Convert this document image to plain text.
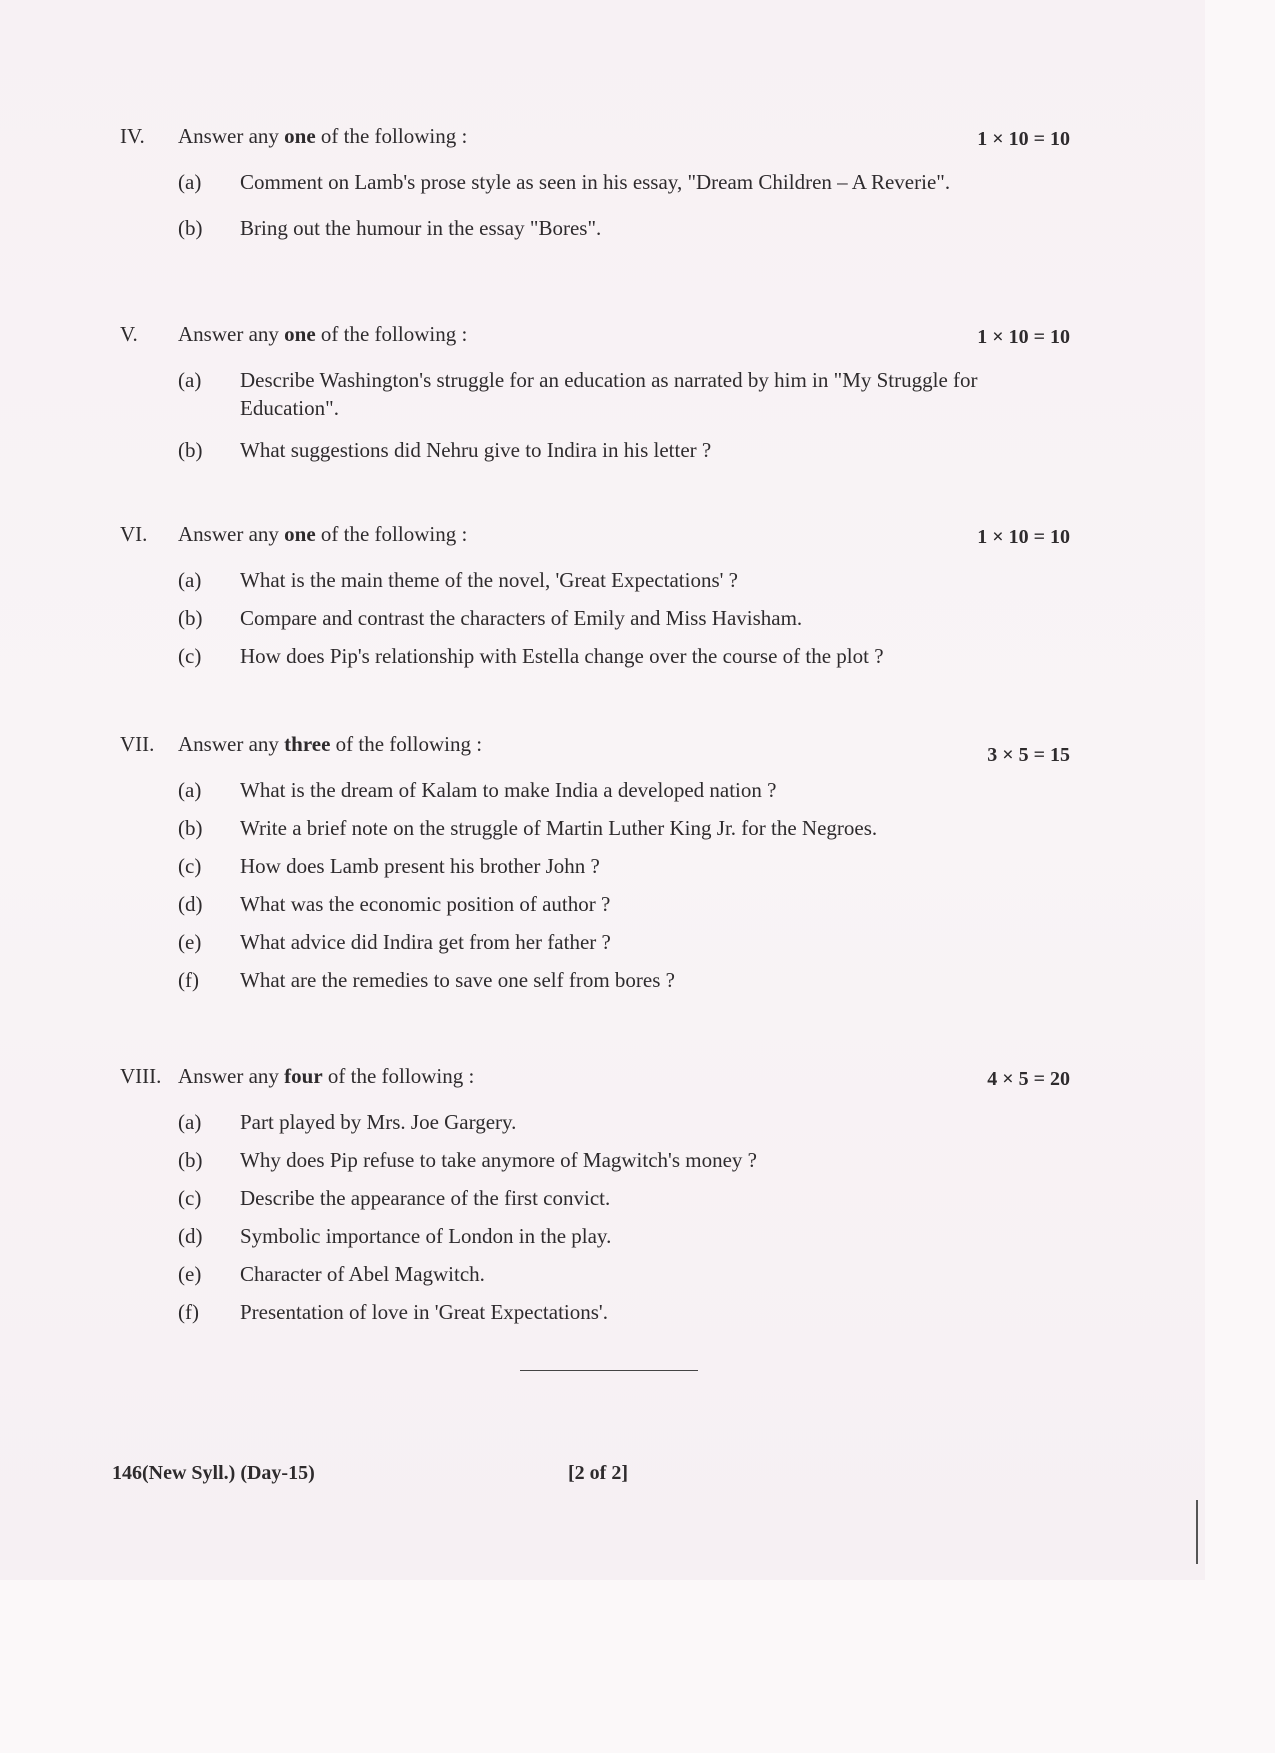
IV. Answer any one of the following :	1 × 10 = 10
(a) Comment on Lamb's prose style as seen in his essay, "Dream Children – A Reverie".
(b) Bring out the humour in the essay "Bores".
V. Answer any one of the following :	1 × 10 = 10
(a) Describe Washington's struggle for an education as narrated by him in "My Struggle for Education".
(b) What suggestions did Nehru give to Indira in his letter ?
VI. Answer any one of the following :	1 × 10 = 10
(a) What is the main theme of the novel, 'Great Expectations' ?
(b) Compare and contrast the characters of Emily and Miss Havisham.
(c) How does Pip's relationship with Estella change over the course of the plot ?
VII. Answer any three of the following :	3 × 5 = 15
(a) What is the dream of Kalam to make India a developed nation ?
(b) Write a brief note on the struggle of Martin Luther King Jr. for the Negroes.
(c) How does Lamb present his brother John ?
(d) What was the economic position of author ?
(e) What advice did Indira get from her father ?
(f) What are the remedies to save one self from bores ?
VIII. Answer any four of the following :	4 × 5 = 20
(a) Part played by Mrs. Joe Gargery.
(b) Why does Pip refuse to take anymore of Magwitch's money ?
(c) Describe the appearance of the first convict.
(d) Symbolic importance of London in the play.
(e) Character of Abel Magwitch.
(f) Presentation of love in 'Great Expectations'.
146(New Syll.) (Day-15)	[2 of 2]
